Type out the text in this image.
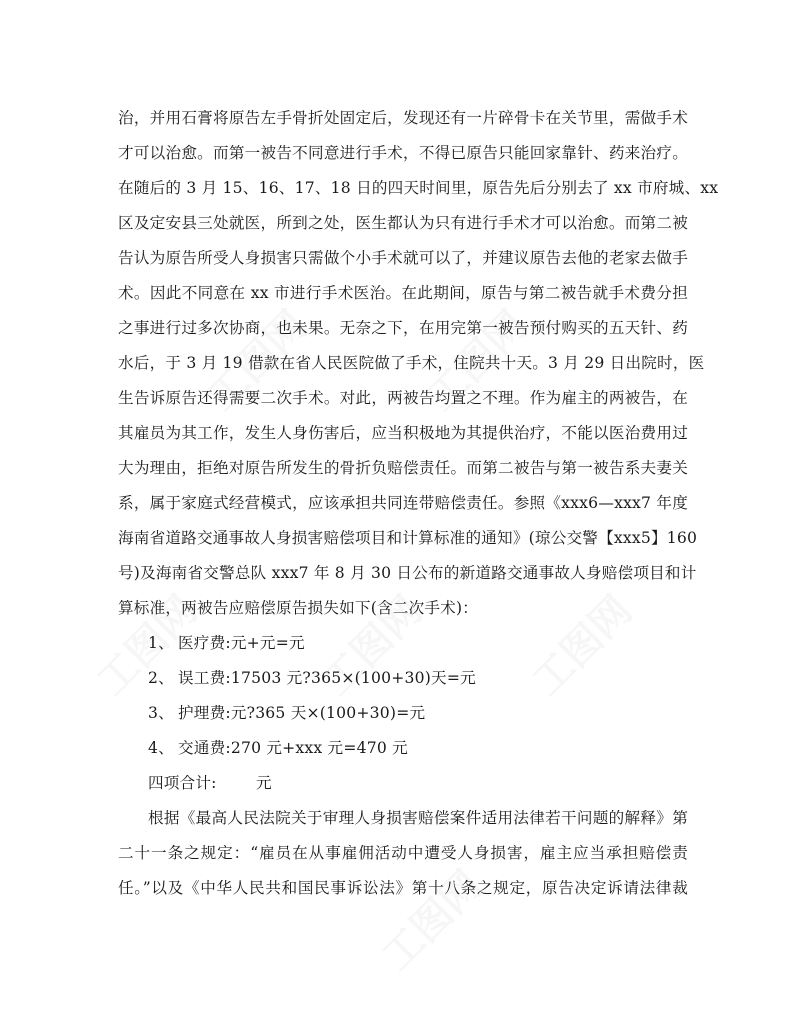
治，并用石膏将原告左手骨折处固定后，发现还有一片碎骨卡在关节里，需做手术
才可以治愈。而第一被告不同意进行手术，不得已原告只能回家靠针、药来治疗。
在随后的 3 月 15、16、17、18 日的四天时间里，原告先后分别去了 xx 市府城、xx
区及定安县三处就医，所到之处，医生都认为只有进行手术才可以治愈。而第二被
告认为原告所受人身损害只需做个小手术就可以了，并建议原告去他的老家去做手
术。因此不同意在 xx 市进行手术医治。在此期间，原告与第二被告就手术费分担
之事进行过多次协商，也未果。无奈之下，在用完第一被告预付购买的五天针、药
水后，于 3 月 19 借款在省人民医院做了手术，住院共十天。3 月 29 日出院时，医
生告诉原告还得需要二次手术。对此，两被告均置之不理。作为雇主的两被告，在
其雇员为其工作，发生人身伤害后，应当积极地为其提供治疗，不能以医治费用过
大为理由，拒绝对原告所发生的骨折负赔偿责任。而第二被告与第一被告系夫妻关
系，属于家庭式经营模式，应该承担共同连带赔偿责任。参照《xxx6—xxx7 年度
海南省道路交通事故人身损害赔偿项目和计算标准的通知》(琼公交警【xxx5】160
号)及海南省交警总队 xxx7 年 8 月 30 日公布的新道路交通事故人身赔偿项目和计
算标准，两被告应赔偿原告损失如下(含二次手术)：
1、 医疗费:元+元=元
2、 误工费:17503 元?365×(100+30)天=元
3、 护理费:元?365 天×(100+30)=元
4、 交通费:270 元+xxx 元=470 元
四项合计:	元
根据《最高人民法院关于审理人身损害赔偿案件适用法律若干问题的解释》第
二十一条之规定：“雇员在从事雇佣活动中遭受人身损害，雇主应当承担赔偿责
任。”以及《中华人民共和国民事诉讼法》第十八条之规定，原告决定诉请法律裁
